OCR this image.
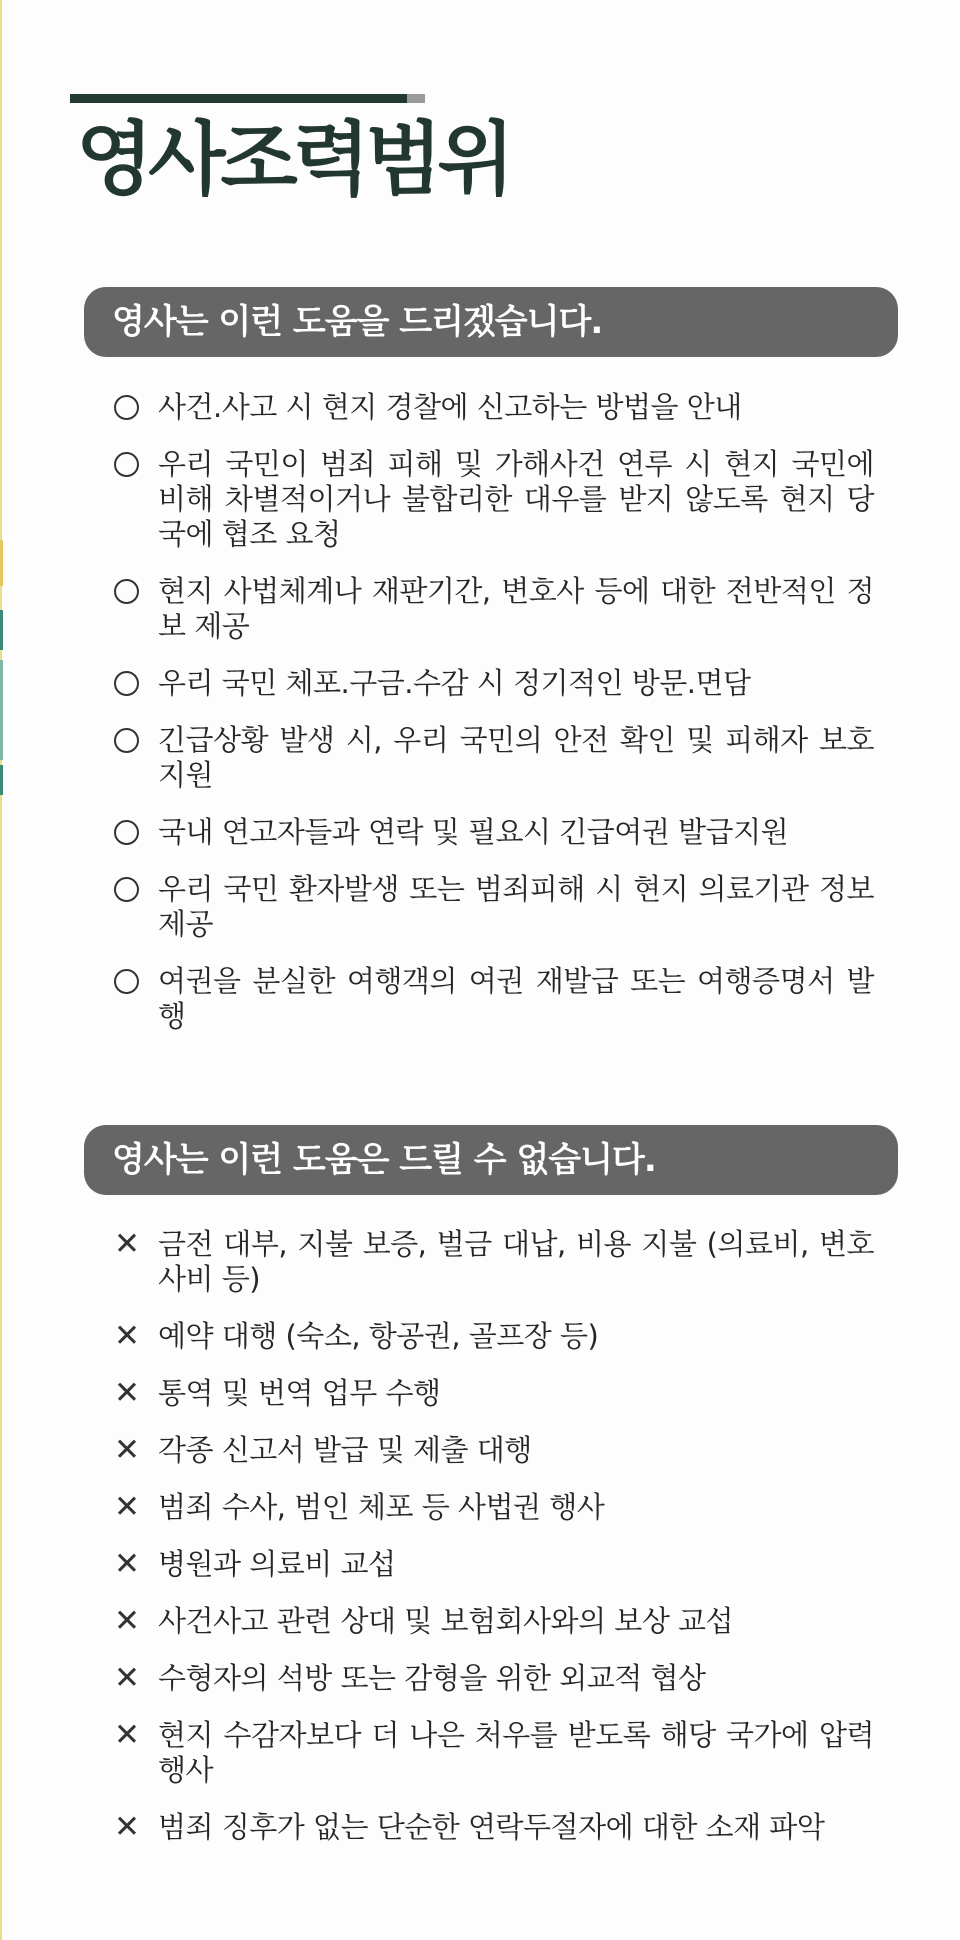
영사조력범위
영사는 이런 도움을 드리겠습니다.
사건.사고 시 현지 경찰에 신고하는 방법을 안내
우리 국민이 범죄 피해 및 가해사건 연루 시 현지 국민에 비해 차별적이거나 불합리한 대우를 받지 않도록 현지 당국에 협조 요청
현지 사법체계나 재판기간, 변호사 등에 대한 전반적인 정보 제공
우리 국민 체포.구금.수감 시 정기적인 방문.면담
긴급상황 발생 시, 우리 국민의 안전 확인 및 피해자 보호 지원
국내 연고자들과 연락 및 필요시 긴급여권 발급지원
우리 국민 환자발생 또는 범죄피해 시 현지 의료기관 정보 제공
여권을 분실한 여행객의 여권 재발급 또는 여행증명서 발행
영사는 이런 도움은 드릴 수 없습니다.
✕ 금전 대부, 지불 보증, 벌금 대납, 비용 지불 (의료비, 변호사비 등)
✕ 예약 대행 (숙소, 항공권, 골프장 등)
✕ 통역 및 번역 업무 수행
✕ 각종 신고서 발급 및 제출 대행
✕ 범죄 수사, 범인 체포 등 사법권 행사
✕ 병원과 의료비 교섭
✕ 사건사고 관련 상대 및 보험회사와의 보상 교섭
✕ 수형자의 석방 또는 감형을 위한 외교적 협상
✕ 현지 수감자보다 더 나은 처우를 받도록 해당 국가에 압력 행사
✕ 범죄 징후가 없는 단순한 연락두절자에 대한 소재 파악
